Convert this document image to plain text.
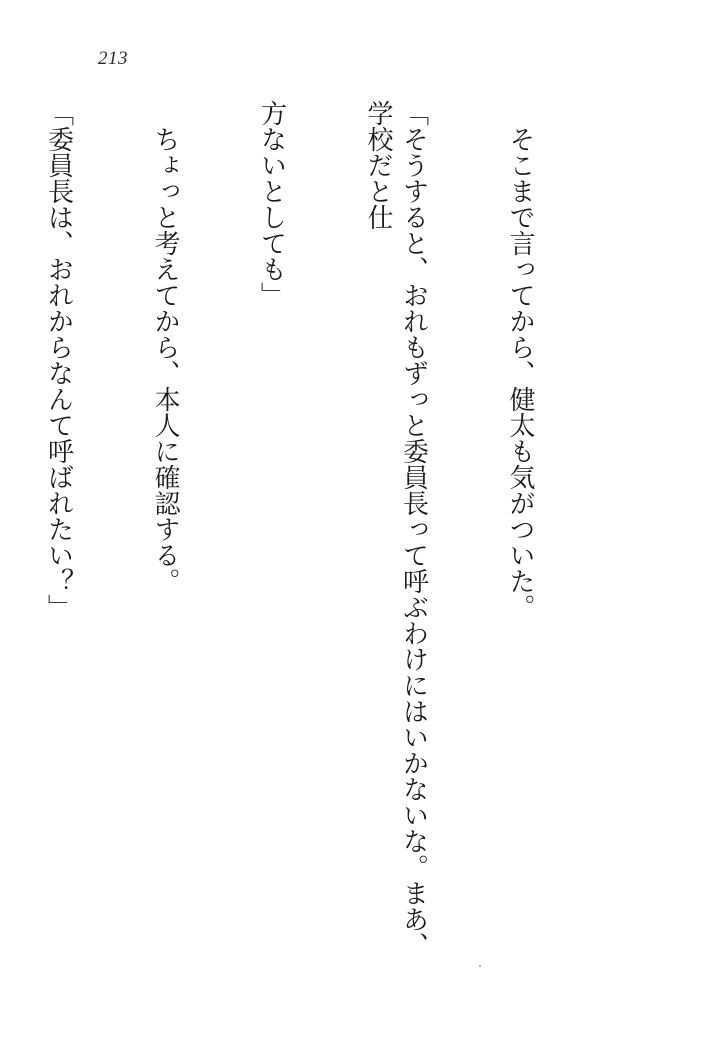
213

　そこまで言ってから、健太も気がついた。

「そうすると、おれもずっと委員長って呼ぶわけにはいかないな。まあ、学校だと仕

方ないとしても」

　ちょっと考えてから、本人に確認する。

「委員長は、おれからなんて呼ばれたい？」
